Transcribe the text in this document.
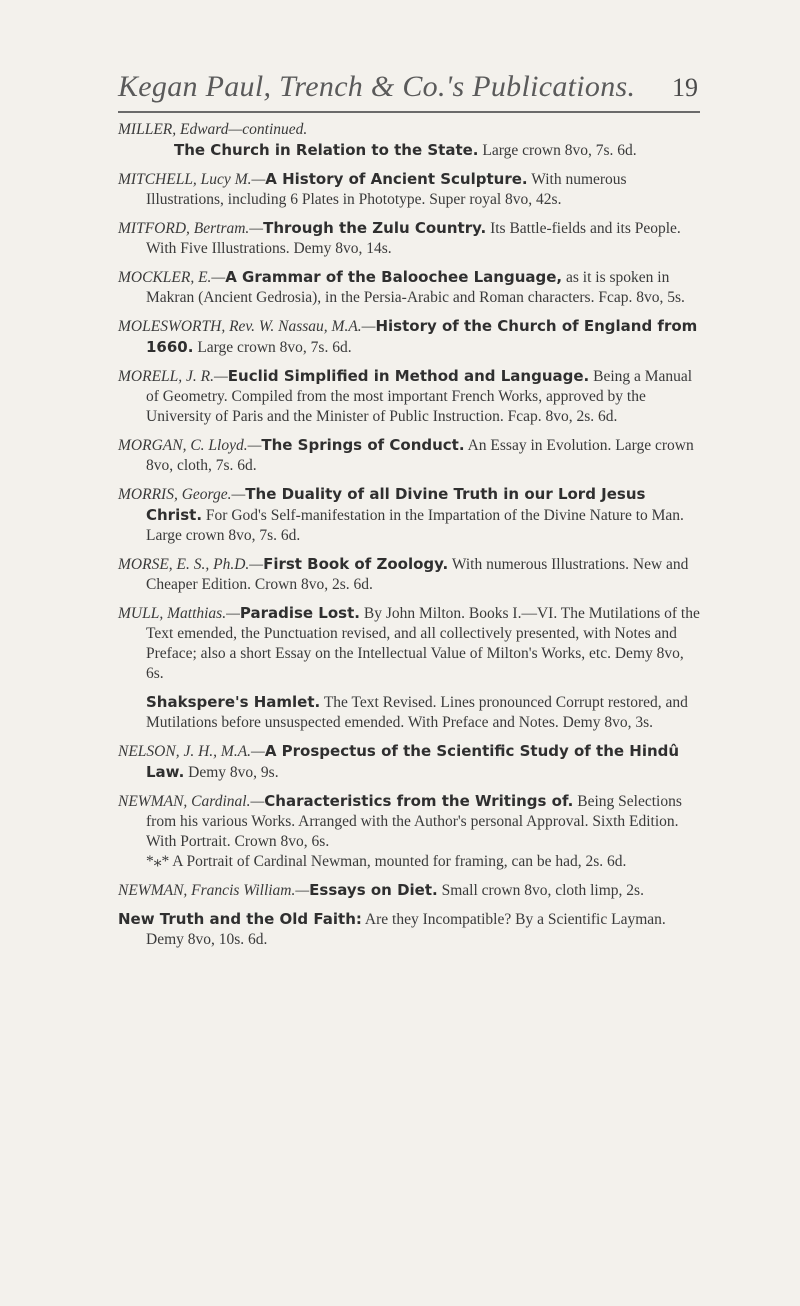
Kegan Paul, Trench & Co.'s Publications. 19
MILLER, Edward—continued.
The Church in Relation to the State. Large crown 8vo, 7s. 6d.
MITCHELL, Lucy M.—A History of Ancient Sculpture. With numerous Illustrations, including 6 Plates in Phototype. Super royal 8vo, 42s.
MITFORD, Bertram.—Through the Zulu Country. Its Battle-fields and its People. With Five Illustrations. Demy 8vo, 14s.
MOCKLER, E.—A Grammar of the Baloochee Language, as it is spoken in Makran (Ancient Gedrosia), in the Persia-Arabic and Roman characters. Fcap. 8vo, 5s.
MOLESWORTH, Rev. W. Nassau, M.A.—History of the Church of England from 1660. Large crown 8vo, 7s. 6d.
MORELL, J. R.—Euclid Simplified in Method and Language. Being a Manual of Geometry. Compiled from the most important French Works, approved by the University of Paris and the Minister of Public Instruction. Fcap. 8vo, 2s. 6d.
MORGAN, C. Lloyd.—The Springs of Conduct. An Essay in Evolution. Large crown 8vo, cloth, 7s. 6d.
MORRIS, George.—The Duality of all Divine Truth in our Lord Jesus Christ. For God's Self-manifestation in the Impartation of the Divine Nature to Man. Large crown 8vo, 7s. 6d.
MORSE, E. S., Ph.D.—First Book of Zoology. With numerous Illustrations. New and Cheaper Edition. Crown 8vo, 2s. 6d.
MULL, Matthias.—Paradise Lost. By John Milton. Books I.—VI. The Mutilations of the Text emended, the Punctuation revised, and all collectively presented, with Notes and Preface; also a short Essay on the Intellectual Value of Milton's Works, etc. Demy 8vo, 6s.
Shakspere's Hamlet. The Text Revised. Lines pronounced Corrupt restored, and Mutilations before unsuspected emended. With Preface and Notes. Demy 8vo, 3s.
NELSON, J. H., M.A.—A Prospectus of the Scientific Study of the Hindû Law. Demy 8vo, 9s.
NEWMAN, Cardinal.—Characteristics from the Writings of. Being Selections from his various Works. Arranged with the Author's personal Approval. Sixth Edition. With Portrait. Crown 8vo, 6s.
*⁎* A Portrait of Cardinal Newman, mounted for framing, can be had, 2s. 6d.
NEWMAN, Francis William.—Essays on Diet. Small crown 8vo, cloth limp, 2s.
New Truth and the Old Faith: Are they Incompatible? By a Scientific Layman. Demy 8vo, 10s. 6d.
